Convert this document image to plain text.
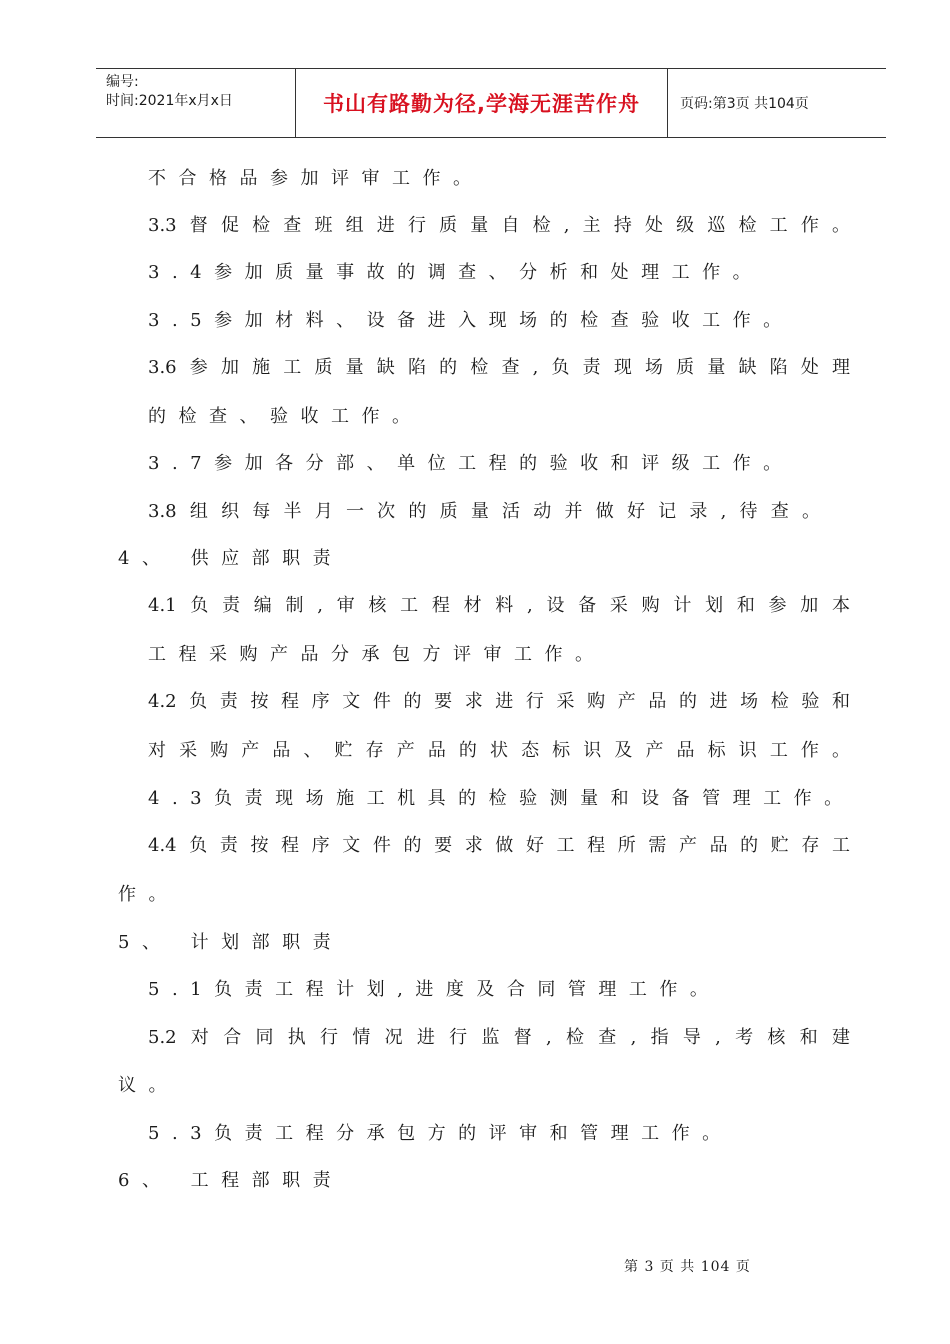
编号:
时间:2021年x月x日	书山有路勤为径,学海无涯苦作舟	页码:第3页 共104页
不合格品参加评审工作。
3.3督促检查班组进行质量自检,主持处级巡检工作。
3.4参加质量事故的调查、分析和处理工作。
3.5参加材料、设备进入现场的检查验收工作。
3.6参加施工质量缺陷的检查,负责现场质量缺陷处理
的检查、验收工作。
3.7参加各分部、单位工程的验收和评级工作。
3.8组织每半月一次的质量活动并做好记录,待查。
4、 供应部职责
4.1负责编制,审核工程材料,设备采购计划和参加本
工程采购产品分承包方评审工作。
4.2负责按程序文件的要求进行采购产品的进场检验和
对采购产品、贮存产品的状态标识及产品标识工作。
4.3负责现场施工机具的检验测量和设备管理工作。
4.4负责按程序文件的要求做好工程所需产品的贮存工
作。
5、 计划部职责
5.1负责工程计划,进度及合同管理工作。
5.2对合同执行情况进行监督,检查,指导,考核和建
议。
5.3负责工程分承包方的评审和管理工作。
6、 工程部职责
第 3 页 共 104 页
